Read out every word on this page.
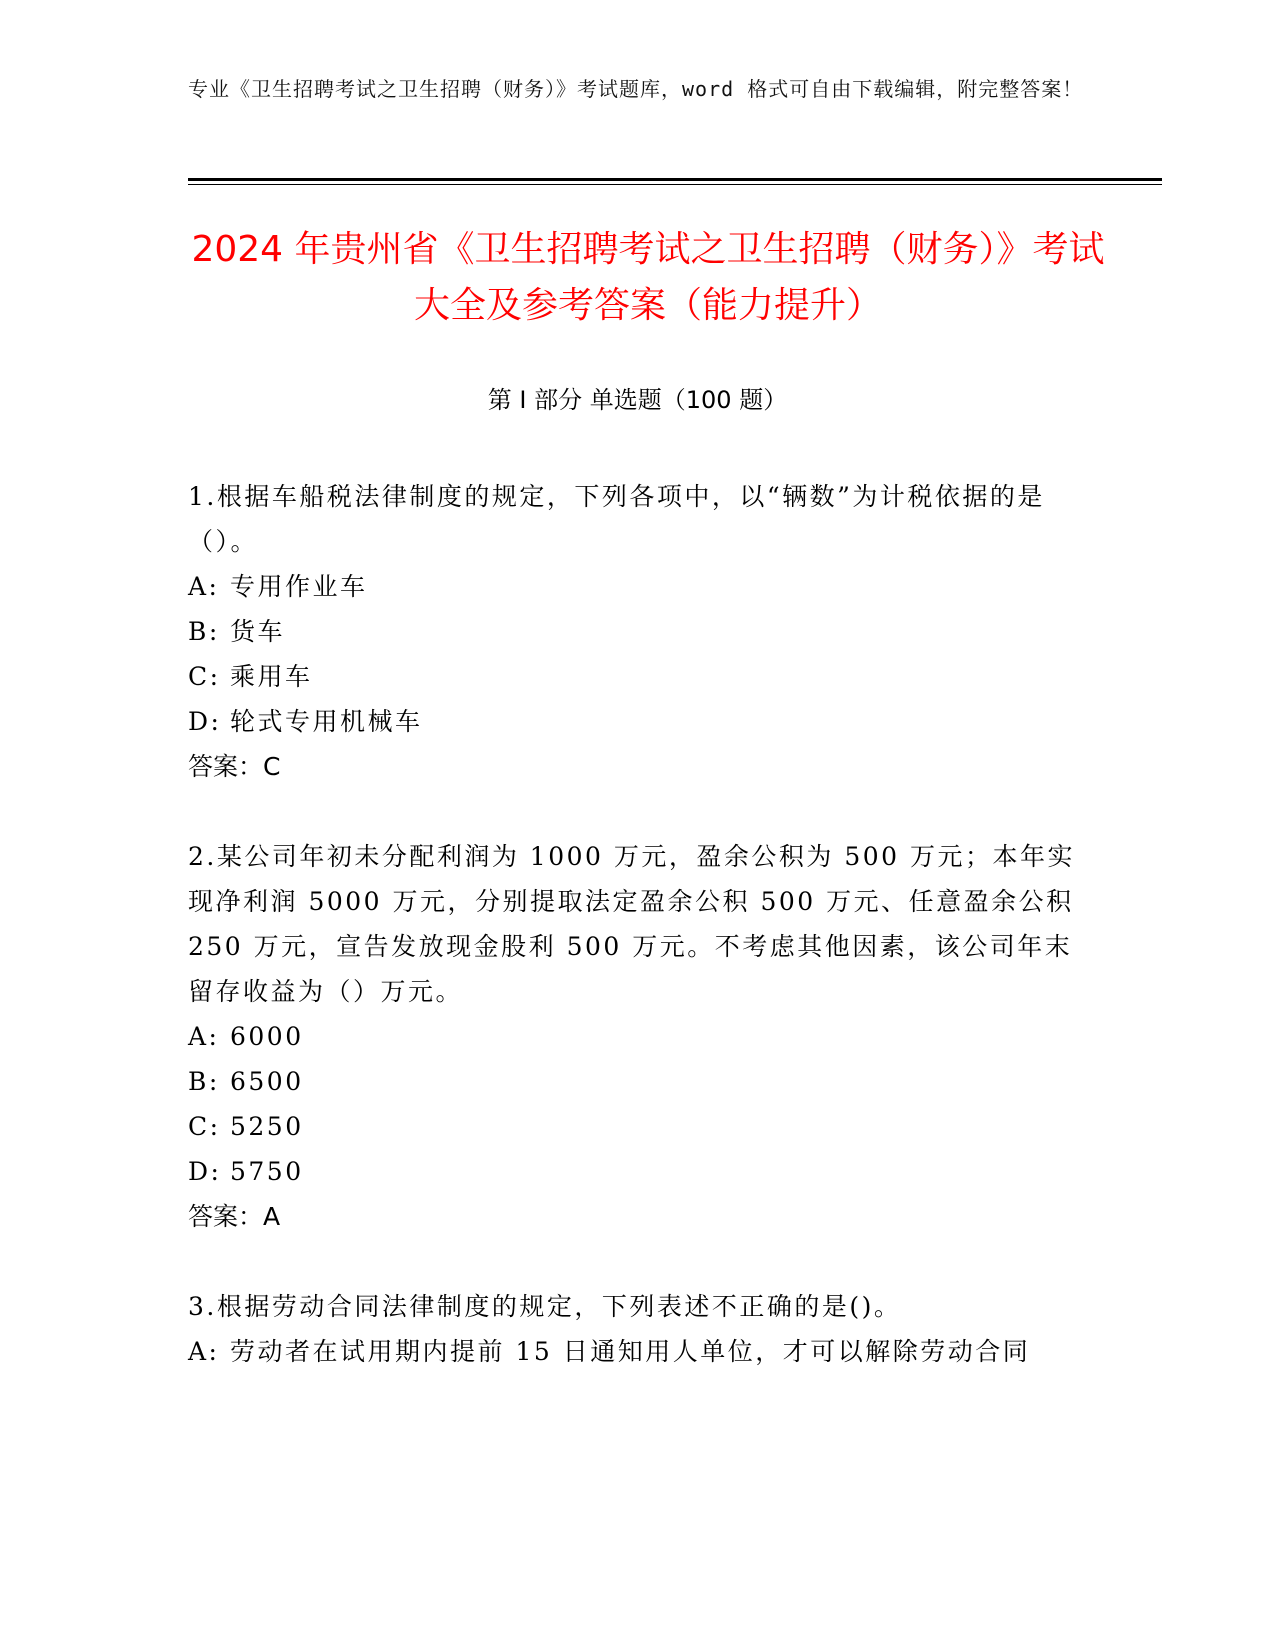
专业《卫生招聘考试之卫生招聘（财务）》考试题库，word 格式可自由下载编辑，附完整答案！
2024 年贵州省《卫生招聘考试之卫生招聘（财务）》考试大全及参考答案（能力提升）
第 I 部分 单选题（100 题）
1.根据车船税法律制度的规定，下列各项中，以“辆数”为计税依据的是（）。
A: 专用作业车
B: 货车
C: 乘用车
D: 轮式专用机械车
答案：C
2.某公司年初未分配利润为 1000 万元，盈余公积为 500 万元；本年实现净利润 5000 万元，分别提取法定盈余公积 500 万元、任意盈余公积 250 万元，宣告发放现金股利 500 万元。不考虑其他因素，该公司年末留存收益为（）万元。
A: 6000
B: 6500
C: 5250
D: 5750
答案：A
3.根据劳动合同法律制度的规定，下列表述不正确的是()。
A: 劳动者在试用期内提前 15 日通知用人单位，才可以解除劳动合同
